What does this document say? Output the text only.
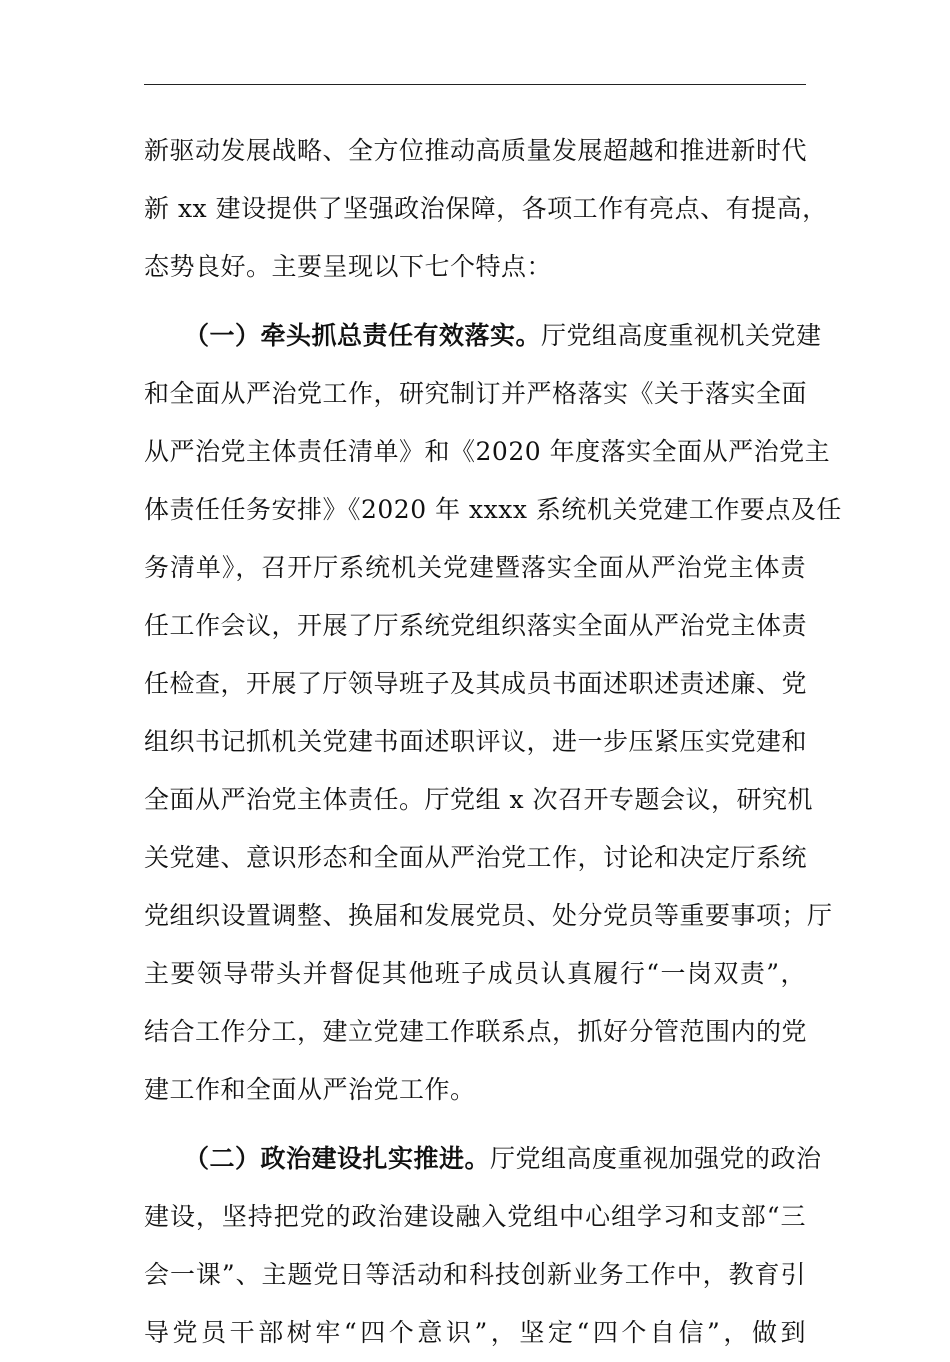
新驱动发展战略、全方位推动高质量发展超越和推进新时代
新 xx 建设提供了坚强政治保障，各项工作有亮点、有提高，
态势良好。主要呈现以下七个特点：
（一）牵头抓总责任有效落实。厅党组高度重视机关党建
和全面从严治党工作，研究制订并严格落实《关于落实全面
从严治党主体责任清单》和《2020 年度落实全面从严治党主
体责任任务安排》《2020 年 xxxx 系统机关党建工作要点及任
务清单》，召开厅系统机关党建暨落实全面从严治党主体责
任工作会议，开展了厅系统党组织落实全面从严治党主体责
任检查，开展了厅领导班子及其成员书面述职述责述廉、党
组织书记抓机关党建书面述职评议，进一步压紧压实党建和
全面从严治党主体责任。厅党组 x 次召开专题会议，研究机
关党建、意识形态和全面从严治党工作，讨论和决定厅系统
党组织设置调整、换届和发展党员、处分党员等重要事项；厅
主要领导带头并督促其他班子成员认真履行“一岗双责”，
结合工作分工，建立党建工作联系点，抓好分管范围内的党
建工作和全面从严治党工作。
（二）政治建设扎实推进。厅党组高度重视加强党的政治
建设，坚持把党的政治建设融入党组中心组学习和支部“三
会一课”、主题党日等活动和科技创新业务工作中，教育引
导党员干部树牢“四个意识”，坚定“四个自信”，做到
